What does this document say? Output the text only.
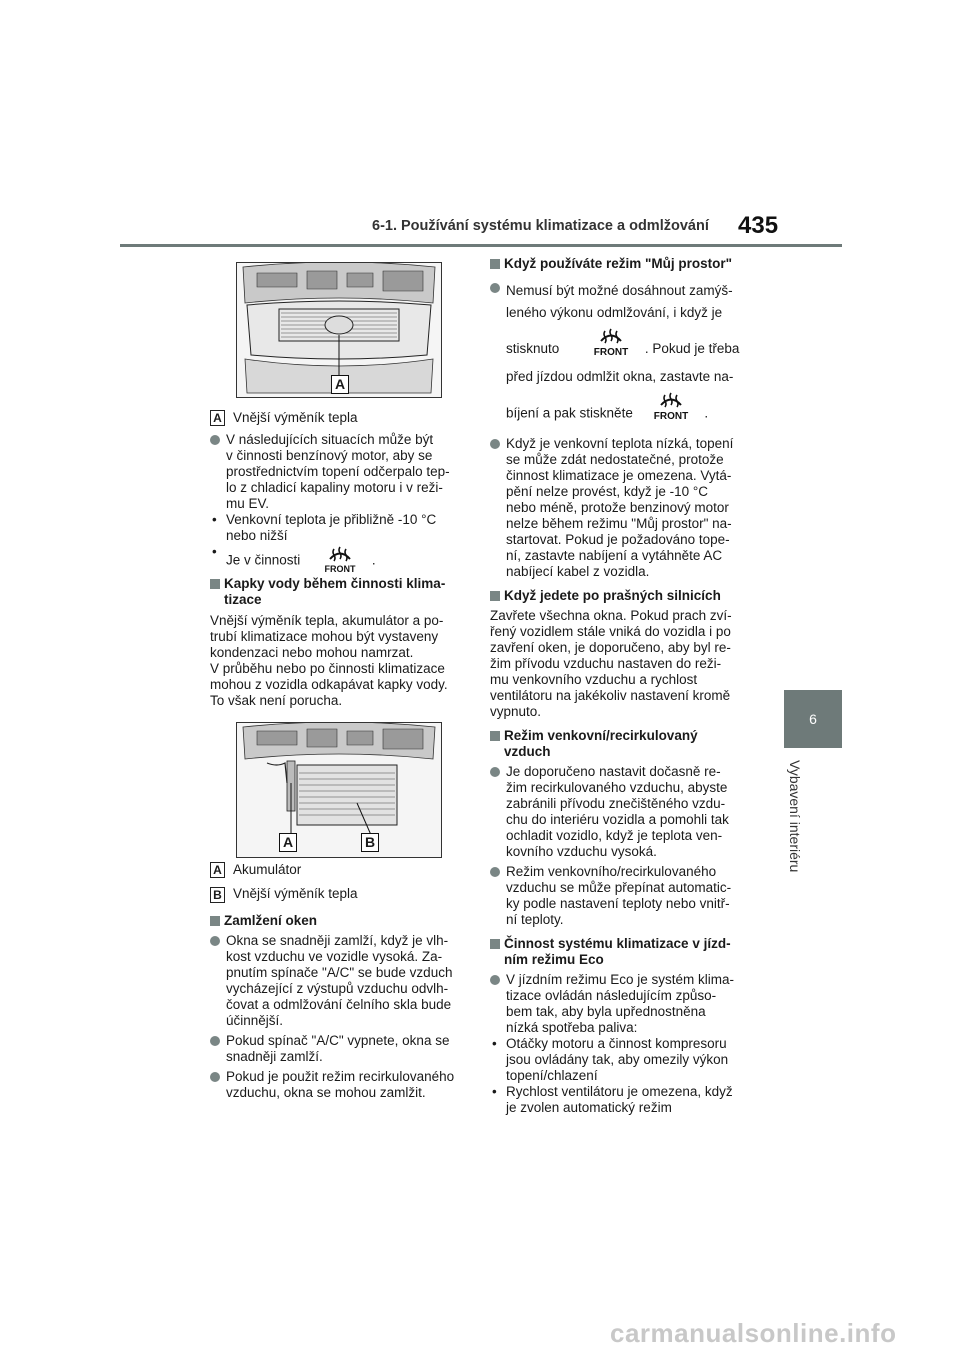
6-1. Používání systému klimatizace a odmlžování 435
6
Vybavení interiéru
A
A Vnější výměník tepla
V následujících situacích může být
v činnosti benzínový motor, aby se
prostřednictvím topení odčerpalo tep-
lo z chladicí kapaliny motoru i v reži-
mu EV.
• Venkovní teplota je přibližně -10 °C
nebo nižší
• Je v činnosti
FRONT
.
Kapky vody během činnosti klima-
tizace
Vnější výměník tepla, akumulátor a po-
trubí klimatizace mohou být vystaveny
kondenzaci nebo mohou namrzat.
V průběhu nebo po činnosti klimatizace
mohou z vozidla odkapávat kapky vody.
To však není porucha.
A	B
A Akumulátor
B Vnější výměník tepla
Zamlžení oken
Okna se snadněji zamlží, když je vlh-
kost vzduchu ve vozidle vysoká. Za-
pnutím spínače "A/C" se bude vzduch
vycházející z výstupů vzduchu odvlh-
čovat a odmlžování čelního skla bude
účinnější.
Pokud spínač "A/C" vypnete, okna se
snadněji zamlží.
Pokud je použit režim recirkulovaného
vzduchu, okna se mohou zamlžit.
Když používáte režim "Můj prostor"
Nemusí být možné dosáhnout zamýš-
leného výkonu odmlžování, i když je
stisknuto	FRONT . Pokud je třeba
před jízdou odmlžit okna, zastavte na-
bíjení a pak stiskněte FRONT .
Když je venkovní teplota nízká, topení
se může zdát nedostatečné, protože
činnost klimatizace je omezena. Vytá-
pění nelze provést, když je -10 °C
nebo méně, protože benzinový motor
nelze během režimu "Můj prostor" na-
startovat. Pokud je požadováno tope-
ní, zastavte nabíjení a vytáhněte AC
nabíjecí kabel z vozidla.
Když jedete po prašných silnicích
Zavřete všechna okna. Pokud prach zví-
řený vozidlem stále vniká do vozidla i po
zavření oken, je doporučeno, aby byl re-
žim přívodu vzduchu nastaven do reži-
mu venkovního vzduchu a rychlost
ventilátoru na jakékoliv nastavení kromě
vypnuto.
Režim venkovní/recirkulovaný
vzduch
Je doporučeno nastavit dočasně re-
žim recirkulovaného vzduchu, abyste
zabránili přívodu znečištěného vzdu-
chu do interiéru vozidla a pomohli tak
ochladit vozidlo, když je teplota ven-
kovního vzduchu vysoká.
Režim venkovního/recirkulovaného
vzduchu se může přepínat automatic-
ky podle nastavení teploty nebo vnitř-
ní teploty.
Činnost systému klimatizace v jízd-
ním režimu Eco
V jízdním režimu Eco je systém klima-
tizace ovládán následujícím způso-
bem tak, aby byla upřednostněna
nízká spotřeba paliva:
• Otáčky motoru a činnost kompresoru
jsou ovládány tak, aby omezily výkon
topení/chlazení
• Rychlost ventilátoru je omezena, když
je zvolen automatický režim
carmanualsonline.info
